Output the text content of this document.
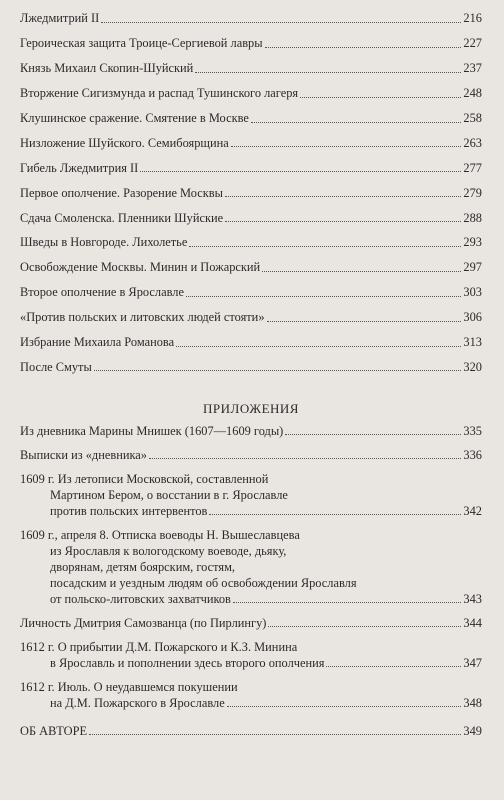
Лжедмитрий II	216
Героическая защита Троице-Сергиевой лавры	227
Князь Михаил Скопин-Шуйский	237
Вторжение Сигизмунда и распад Тушинского лагеря	248
Клушинское сражение. Смятение в Москве	258
Низложение Шуйского. Семибоярщина	263
Гибель Лжедмитрия II	277
Первое ополчение. Разорение Москвы	279
Сдача Смоленска. Пленники Шуйские	288
Шведы в Новгороде. Лихолетье	293
Освобождение Москвы. Минин и Пожарский	297
Второе ополчение в Ярославле	303
«Против польских и литовских людей стояти»	306
Избрание Михаила Романова	313
После Смуты	320
ПРИЛОЖЕНИЯ
Из дневника Марины Мнишек (1607—1609 годы)	335
Выписки из «дневника»	336
1609 г. Из летописи Московской, составленной
Мартином Бером, о восстании в г. Ярославле
против польских интервентов	342
1609 г., апреля 8. Отписка воеводы Н. Вышеславцева
из Ярославля к вологодскому воеводе, дьяку,
дворянам, детям боярским, гостям,
посадским и уездным людям об освобождении Ярославля
от польско-литовских захватчиков	343
Личность Дмитрия Самозванца (по Пирлингу)	344
1612 г. О прибытии Д.М. Пожарского и К.З. Минина
в Ярославль и пополнении здесь второго ополчения	347
1612 г. Июль. О неудавшемся покушении
на Д.М. Пожарского в Ярославле	348
ОБ АВТОРЕ	349
